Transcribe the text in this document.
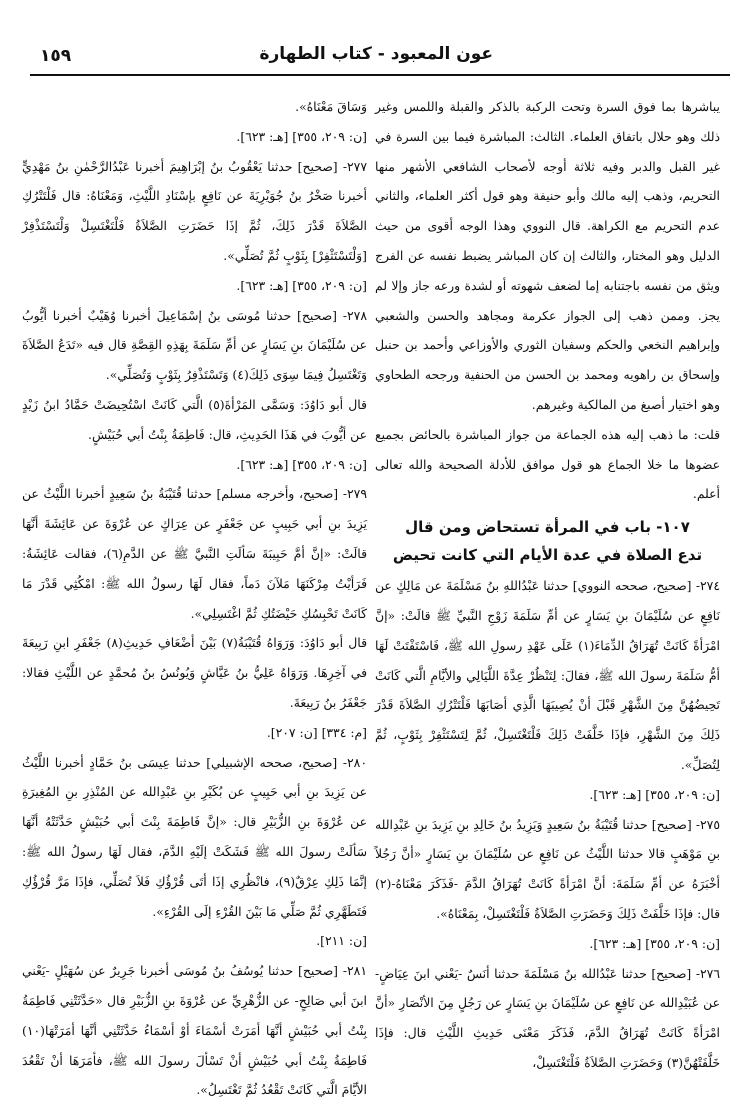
عون المعبود - كتاب الطهارة
١٥٩

يباشرها بما فوق السرة وتحت الركبة بالذكر والقبلة واللمس وغير ذلك وهو حلال باتفاق العلماء. الثالث: المباشرة فيما بين السرة في غير القبل والدبر وفيه ثلاثة أوجه لأصحاب الشافعي الأشهر منها التحريم، وذهب إليه مالك وأبو حنيفة وهو قول أكثر العلماء، والثاني عدم التحريم مع الكراهة. قال النووي وهذا الوجه أقوى من حيث الدليل وهو المختار، والثالث إن كان المباشر يضبط نفسه عن الفرج ويثق من نفسه باجتنابه إما لضعف شهوته أو لشدة ورعه جاز وإلا لم يجز. وممن ذهب إلى الجواز عكرمة ومجاهد والحسن والشعبي وإبراهيم النخعي والحكم وسفيان الثوري والأوزاعي وأحمد بن حنبل وإسحاق بن راهويه ومحمد بن الحسن من الحنفية ورجحه الطحاوي وهو اختيار أصبغ من المالكية وغيرهم.

قلت: ما ذهب إليه هذه الجماعة من جواز المباشرة بالحائض بجميع عضوها ما خلا الجماع هو قول موافق للأدلة الصحيحة والله تعالى أعلم.

١٠٧- باب في المرأة تستحاض ومن قال
تدع الصلاة في عدة الأيام التي كانت تحيض

٢٧٤- [صحيح، صححه النووي] حدثنا عَبْدُاللهِ بنُ مَسْلَمَةَ عن مَالِكٍ عن نَافِعٍ عن سُلَيْمَانَ بنِ يَسَارٍ عن أمِّ سَلَمَةَ زَوْجِ النَّبيِّ ﷺ قالَتْ: «إنَّ امْرَأةً كَانَتْ تُهَرَاقُ الدِّمَاءَ(١) عَلَى عَهْدِ رسولِ الله ﷺ، فَاسْتَفْتَتْ لَهَا أمُّ سَلَمَةَ رسولَ الله ﷺ، فقالَ: لِتَنْظُرْ عِدَّةَ اللَّيَالِي والأيَّامِ الَّتي كَانَتْ تَحِيضُهُنَّ مِنَ الشَّهْرِ قَبْلَ أنْ يُصِيبَهَا الَّذِي أصَابَهَا فَلْتَتْرُكِ الصَّلاَةَ قَدْرَ ذَلِكَ مِنَ الشَّهْرِ، فإذَا خَلَّفَتْ ذَلِكَ فَلْتَغْتَسِلْ، ثُمَّ لِتَسْتَثْفِرْ بِثَوْبٍ، ثُمَّ لِتُصَلِّ».

[ن: ٢٠٩، ٣٥٥] [هـ: ٦٢٣].

٢٧٥- [صحيح] حدثنا قُتَيْبَةُ بنُ سَعِيدٍ وَيَزِيدُ بنُ خَالِدِ بنِ يَزِيدَ بنِ عَبْدِالله بنِ مَوْهَبٍ قالا حدثنا اللَّيْثُ عن نَافِعٍ عن سُلَيْمَانَ بنِ يَسَارٍ «أنَّ رَجُلاً أخْبَرَهُ عن أمِّ سَلَمَةَ: أنَّ امْرَأةً كَانَتْ تُهَرَاقُ الدَّمَ -فَذَكَرَ مَعْنَاهُ-(٢) قال: فإذَا خَلَّفَتْ ذَلِكَ وَحَضَرَتِ الصَّلاَةُ فَلْتَغْتَسِلْ، بِمَعْنَاهُ».

[ن: ٢٠٩، ٣٥٥] [هـ: ٦٢٣].

٢٧٦- [صحيح] حدثنا عَبْدُالله بنُ مَسْلَمَةَ حدثنا أنَسٌ -يَعْني ابنَ عِيَاضٍ- عن عُبَيْدِالله عن نَافِعٍ عن سُلَيْمَانَ بنِ يَسَارٍ عن رَجُلٍ مِنَ الأنْصَارِ «أنَّ امْرَأةً كَانَتْ تُهَرَاقُ الدَّمَ، فَذَكَرَ مَعْنَى حَدِيثِ اللَّيْثِ قال: فإذَا خَلَّفَتْهُنَّ(٣) وَحَضَرَتِ الصَّلاَةُ فَلْتَغْتَسِلْ،

وَسَاقَ مَعْنَاهُ».

[ن: ٢٠٩، ٣٥٥] [هـ: ٦٢٣].

٢٧٧- [صحيح] حدثنا يَعْقُوبُ بنُ إبْرَاهِيمَ أخبرنا عَبْدُالرَّحْمٰنِ بنُ مَهْدِيٍّ أخبرنا صَخْرُ بنُ جُوَيْرِيَةَ عن نَافِعٍ بإسْنَادِ اللَّيْثِ، وَمَعْنَاهُ: قال فَلْتَتْرُكِ الصَّلاَةَ قَدْرَ ذَلِكَ، ثُمَّ إذَا حَضَرَتِ الصَّلاَةُ فَلْتَغْتَسِلْ وَلْتَسْتَذْفِرْ [وَلْتَسْتَثْفِرْ] بِثَوْبٍ ثُمَّ تُصَلِّي».

[ن: ٢٠٩، ٣٥٥] [هـ: ٦٢٣].

٢٧٨- [صحيح] حدثنا مُوسَى بنُ إسْمَاعِيلَ أخبرنا وُهَيْبٌ أخبرنا أيُّوبُ عن سُلَيْمَانَ بنِ يَسَارٍ عن أمِّ سَلَمَةَ بِهَذِهِ القِصَّةِ قال فيه «تَدَعُ الصَّلاَةَ وَتَغْتَسِلُ فِيمَا سِوَى ذَلِكَ(٤) وَتَسْتَذْفِرُ بِثَوْبٍ وَتُصَلِّي».

قال أبو دَاوُدَ: وَسَمَّى المَرْأةَ(٥) الَّتي كَانَتْ اسْتُحِيضَتْ حَمَّادُ ابنُ زَيْدٍ عن أيُّوبَ في هَذَا الحَدِيثِ، قال: فَاطِمَةُ بِنْتُ أبي حُبَيْشٍ.

[ن: ٢٠٩، ٣٥٥] [هـ: ٦٢٣].

٢٧٩- [صحيح، وأخرجه مسلم] حدثنا قُتَيْبَةُ بنُ سَعِيدٍ أخبرنا اللَّيْثُ عن يَزِيدَ بنِ أبي حَبِيبٍ عن جَعْفَرٍ عن عِرَاكٍ عن عُرْوَةَ عن عَائِشَةَ أنَّهَا قالَتْ: «إنَّ أمَّ حَبِيبَةَ سَألَتِ النَّبيَّ ﷺ عن الدَّمِ(٦)، فقالت عَائِشَةُ: فَرَأيْتُ مِرْكَنَهَا مَلآنَ دَماً، فقال لَهَا رسولُ الله ﷺ: امْكُثِي قَدْرَ مَا كَانَتْ تَحْبِسُكِ حَيْضَتُكِ ثُمَّ اغْتَسِلِي».

قال أبو دَاوُدَ: وَرَوَاهُ قُتَيْبَةُ(٧) بَيْنَ أضْعَافِ حَدِيثِ(٨) جَعْفَرِ ابنِ رَبِيعَةَ في آخِرِهَا. وَرَوَاهُ عَلِيُّ بنُ عَيَّاشٍ وَيُونُسُ بنُ مُحمَّدٍ عن اللَّيْثِ فقالا: جَعْفَرُ بنُ رَبِيعَةَ.

[م: ٣٣٤] [ن: ٢٠٧].

٢٨٠- [صحيح، صححه الإشبيلي] حدثنا عِيسَى بنُ حَمَّادٍ أخبرنا اللَّيْثُ عن يَزِيدَ بنِ أبي حَبِيبٍ عن بُكَيْرِ بنِ عَبْدِالله عن المُنْذِرِ بنِ المُغِيرَةِ عن عُرْوَةَ بنِ الزُّبَيْرِ قال: «إنَّ فَاطِمَةَ بِنْتَ أبي حُبَيْشٍ حَدَّثَتْهُ أنَّهَا سَألَتْ رسولَ الله ﷺ فَشَكَتْ إلَيْهِ الدَّمَ، فقال لَهَا رسولُ الله ﷺ: إنَّمَا ذَلِكِ عِرْقٌ(٩)، فانْظُرِي إذَا أتَى قُرْؤُكِ فَلاَ تُصَلِّي، فإذَا مَرَّ قُرْؤُكِ فَتَطَهَّرِي ثُمَّ صَلِّي مَا بَيْنَ القُرْءِ إلَى القُرْءِ».

[ن: ٢١١].

٢٨١- [صحيح] حدثنا يُوسُفُ بنُ مُوسَى أخبرنا جَرِيرٌ عن سُهَيْلٍ -يَعْني ابنَ أبي صَالِحٍ- عن الزُّهْرِيِّ عن عُرْوَةَ بنِ الزُّبَيْرِ قال «حَدَّثَتْنِي فَاطِمَةُ بِنْتُ أبي حُبَيْشٍ أنَّهَا أمَرَتْ أسْمَاءَ أوْ أسْمَاءُ حَدَّثَتْنِي أنَّهَا أمَرَتْهَا(١٠) فَاطِمَةُ بِنْتُ أبي حُبَيْشٍ أنْ تَسْألَ رسولَ الله ﷺ، فأمَرَهَا أنْ تَقْعُدَ الأيَّامَ الَّتي كَانَتْ تَقْعُدُ ثُمَّ تَغْتَسِلُ».
